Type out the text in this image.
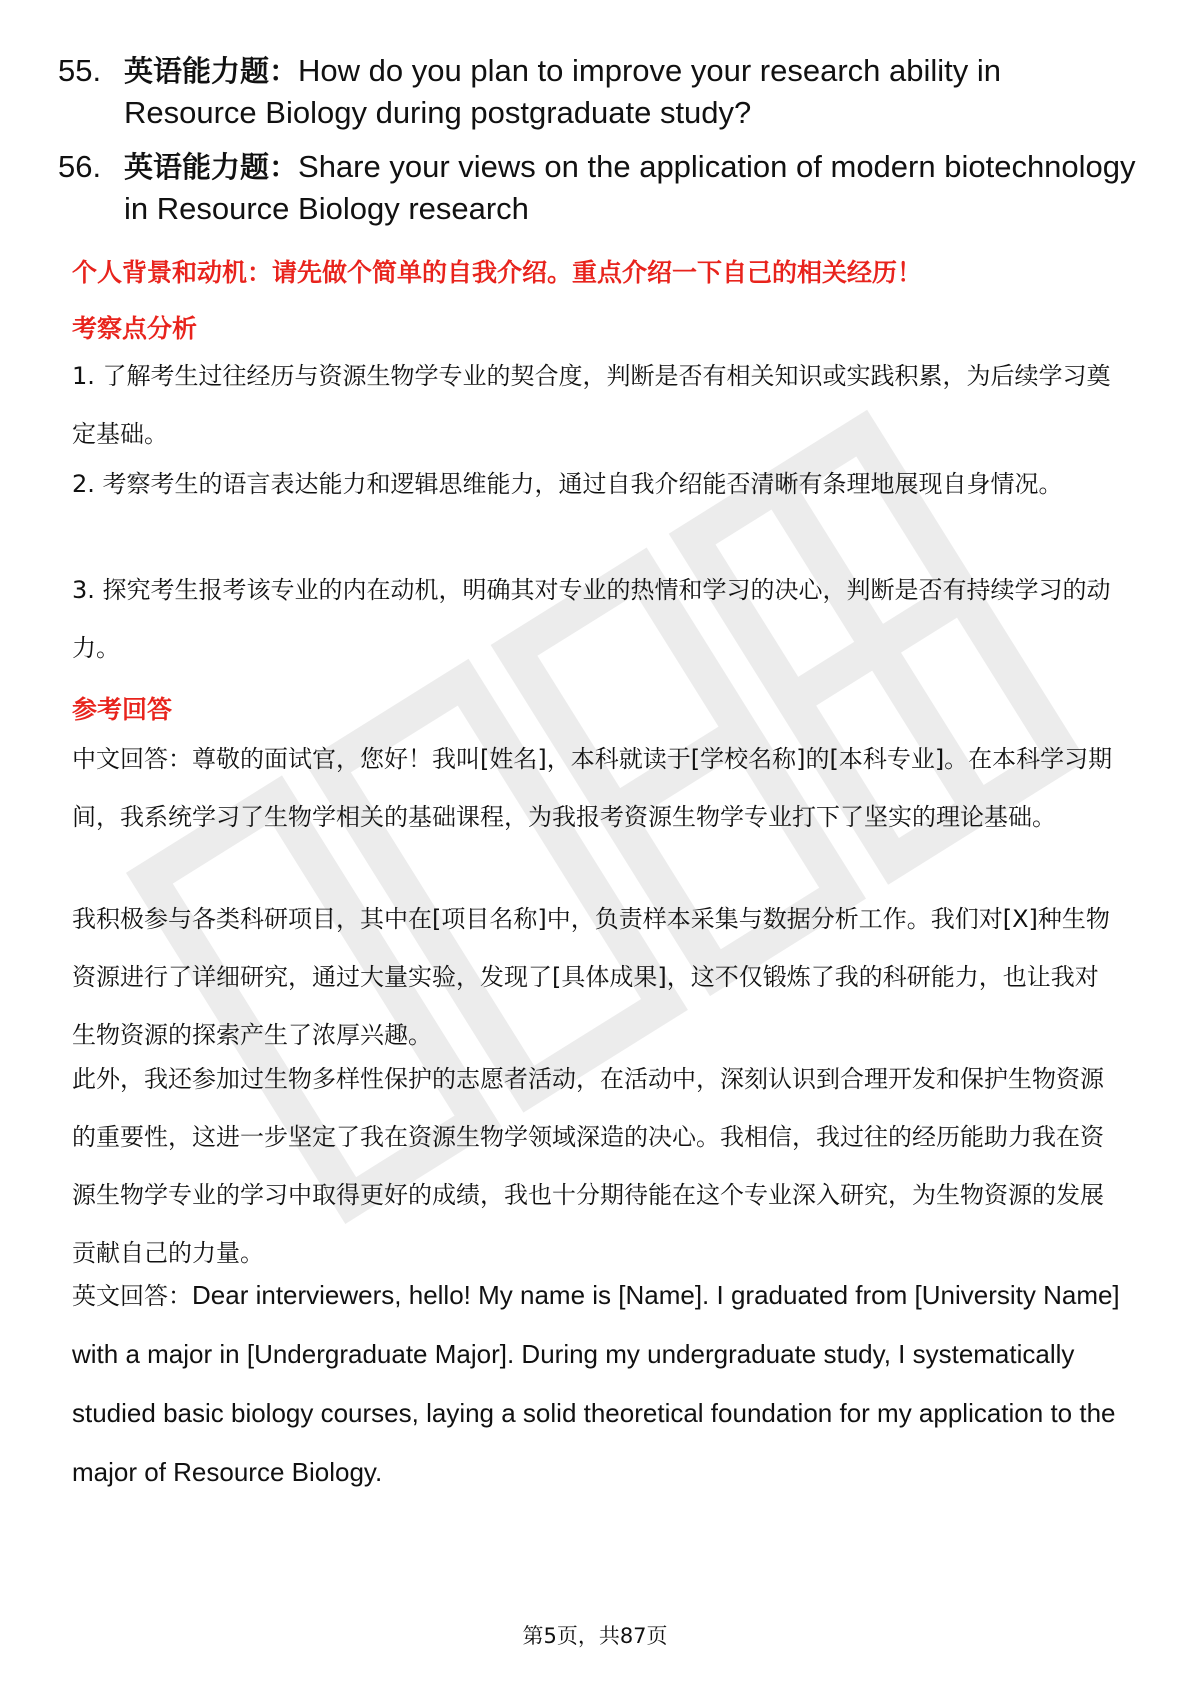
55. 英语能力题：How do you plan to improve your research ability in Resource Biology during postgraduate study?
56. 英语能力题：Share your views on the application of modern biotechnology in Resource Biology research
个人背景和动机：请先做个简单的自我介绍。重点介绍一下自己的相关经历！
考察点分析
1. 了解考生过往经历与资源生物学专业的契合度，判断是否有相关知识或实践积累，为后续学习奠定基础。
2. 考察考生的语言表达能力和逻辑思维能力，通过自我介绍能否清晰有条理地展现自身情况。
3. 探究考生报考该专业的内在动机，明确其对专业的热情和学习的决心，判断是否有持续学习的动力。
参考回答
中文回答：尊敬的面试官，您好！我叫[姓名]，本科就读于[学校名称]的[本科专业]。在本科学习期间，我系统学习了生物学相关的基础课程，为我报考资源生物学专业打下了坚实的理论基础。
我积极参与各类科研项目，其中在[项目名称]中，负责样本采集与数据分析工作。我们对[X]种生物资源进行了详细研究，通过大量实验，发现了[具体成果]，这不仅锻炼了我的科研能力，也让我对生物资源的探索产生了浓厚兴趣。
此外，我还参加过生物多样性保护的志愿者活动，在活动中，深刻认识到合理开发和保护生物资源的重要性，这进一步坚定了我在资源生物学领域深造的决心。我相信，我过往的经历能助力我在资源生物学专业的学习中取得更好的成绩，我也十分期待能在这个专业深入研究，为生物资源的发展贡献自己的力量。
英文回答：Dear interviewers, hello! My name is [Name]. I graduated from [University Name] with a major in [Undergraduate Major]. During my undergraduate study, I systematically studied basic biology courses, laying a solid theoretical foundation for my application to the major of Resource Biology.
第5页，共87页
